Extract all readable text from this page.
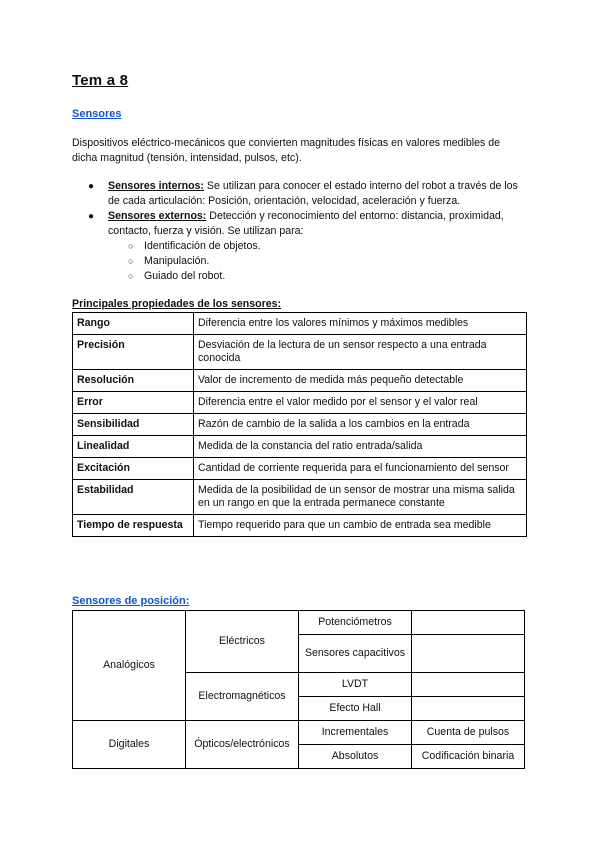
Tem a 8
Sensores
Dispositivos eléctrico-mecánicos que convierten magnitudes físicas en valores medibles de dicha magnitud (tensión, intensidad, pulsos, etc).
● Sensores internos: Se utilizan para conocer el estado interno del robot a través de los de cada articulación: Posición, orientación, velocidad, aceleración y fuerza.
● Sensores externos: Detección y reconocimiento del entorno: distancia, proximidad, contacto, fuerza y visión. Se utilizan para:
○ Identificación de objetos.
○ Manipulación.
○ Guiado del robot.
Principales propiedades de los sensores:
Rango	Diferencia entre los valores mínimos y máximos medibles
Precisión	Desviación de la lectura de un sensor respecto a una entrada conocida
Resolución	Valor de incremento de medida más pequeño detectable
Error	Diferencia entre el valor medido por el sensor y el valor real
Sensibilidad	Razón de cambio de la salida a los cambios en la entrada
Linealidad	Medida de la constancia del ratio entrada/salida
Excitación	Cantidad de corriente requerida para el funcionamiento del sensor
Estabilidad	Medida de la posibilidad de un sensor de mostrar una misma salida en un rango en que la entrada permanece constante
Tiempo de respuesta	Tiempo requerido para que un cambio de entrada sea medible
Sensores de posición:
Analógicos	Eléctricos	Potenciómetros	
		Sensores capacitivos	
	Electromagnéticos	LVDT	
		Efecto Hall	
Digitales	Ópticos/electrónicos	Incrementales	Cuenta de pulsos
		Absolutos	Codificación binaria
